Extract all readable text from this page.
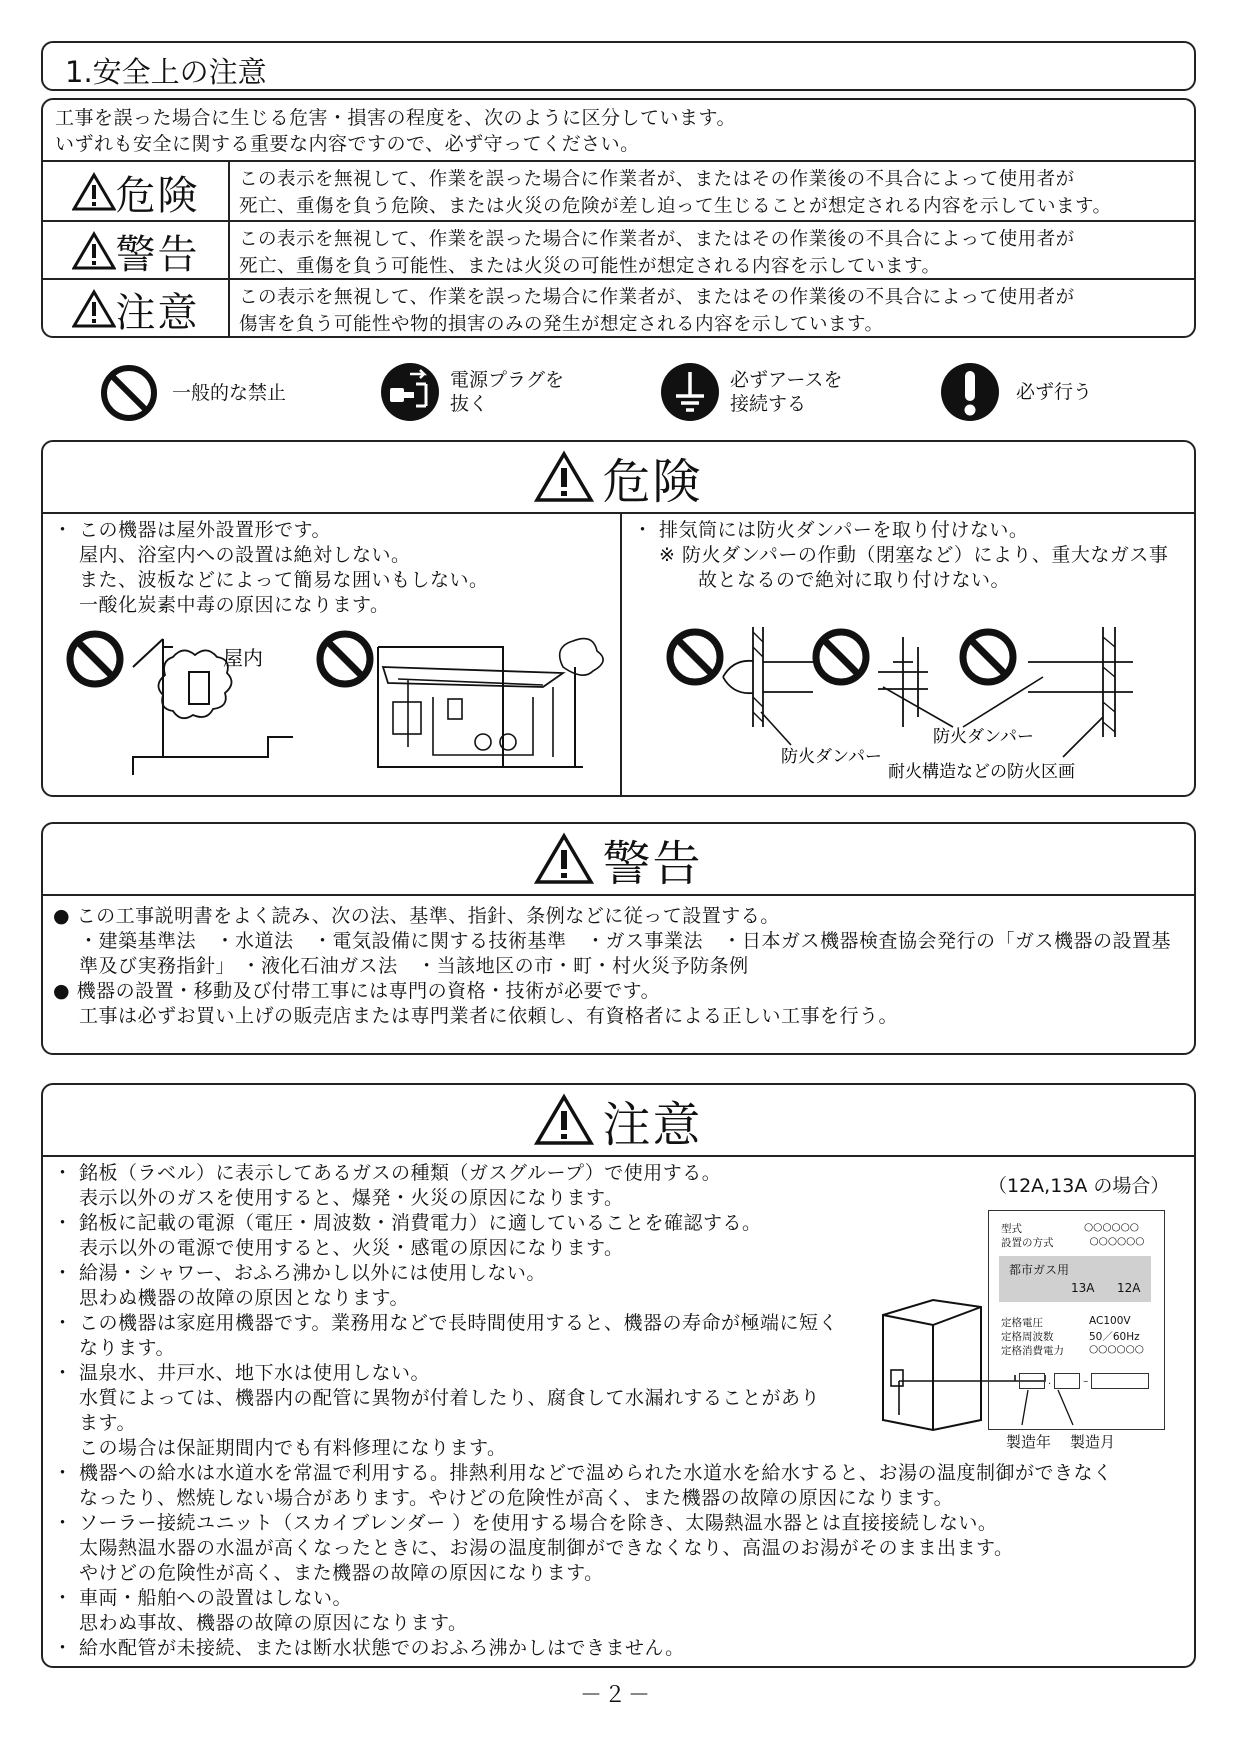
1.安全上の注意
工事を誤った場合に生じる危害・損害の程度を、次のように区分しています。
いずれも安全に関する重要な内容ですので、必ず守ってください。
危険 この表示を無視して、作業を誤った場合に作業者が、またはその作業後の不具合によって使用者が
死亡、重傷を負う危険、または火災の危険が差し迫って生じることが想定される内容を示しています。
警告 この表示を無視して、作業を誤った場合に作業者が、またはその作業後の不具合によって使用者が
死亡、重傷を負う可能性、または火災の可能性が想定される内容を示しています。
注意 この表示を無視して、作業を誤った場合に作業者が、またはその作業後の不具合によって使用者が
傷害を負う可能性や物的損害のみの発生が想定される内容を示しています。
一般的な禁止
電源プラグを
抜く
必ずアースを
接続する
必ず行う
危険
・ この機器は屋外設置形です。
　 屋内、浴室内への設置は絶対しない。
　 また、波板などによって簡易な囲いもしない。
　 一酸化炭素中毒の原因になります。
屋内
・ 排気筒には防火ダンパーを取り付けない。
　 ※ 防火ダンパーの作動（閉塞など）により、重大なガス事
　　　 故となるので絶対に取り付けない。
防火ダンパー
防火ダンパー
耐火構造などの防火区画
警告
● この工事説明書をよく読み、次の法、基準、指針、条例などに従って設置する。
　 ・建築基準法　・水道法　・電気設備に関する技術基準　・ガス事業法　・日本ガス機器検査協会発行の「ガス機器の設置基
　 準及び実務指針」 ・液化石油ガス法　・当該地区の市・町・村火災予防条例
● 機器の設置・移動及び付帯工事には専門の資格・技術が必要です。
　 工事は必ずお買い上げの販売店または専門業者に依頼し、有資格者による正しい工事を行う。
注意
・ 銘板（ラベル）に表示してあるガスの種類（ガスグループ）で使用する。
　 表示以外のガスを使用すると、爆発・火災の原因になります。
・ 銘板に記載の電源（電圧・周波数・消費電力）に適していることを確認する。
　 表示以外の電源で使用すると、火災・感電の原因になります。
・ 給湯・シャワー、おふろ沸かし以外には使用しない。
　 思わぬ機器の故障の原因となります。
・ この機器は家庭用機器です。業務用などで長時間使用すると、機器の寿命が極端に短く
　 なります。
・ 温泉水、井戸水、地下水は使用しない。
　 水質によっては、機器内の配管に異物が付着したり、腐食して水漏れすることがあり
　 ます。
　 この場合は保証期間内でも有料修理になります。
・ 機器への給水は水道水を常温で利用する。排熱利用などで温められた水道水を給水すると、お湯の温度制御ができなく
　 なったり、燃焼しない場合があります。やけどの危険性が高く、また機器の故障の原因になります。
・ ソーラー接続ユニット（スカイブレンダー ）を使用する場合を除き、太陽熱温水器とは直接接続しない。
　 太陽熱温水器の水温が高くなったときに、お湯の温度制御ができなくなり、高温のお湯がそのまま出ます。
　 やけどの危険性が高く、また機器の故障の原因になります。
・ 車両・船舶への設置はしない。
　 思わぬ事故、機器の故障の原因になります。
・ 給水配管が未接続、または断水状態でのおふろ沸かしはできません。
（12A,13A の場合）
型式	○○○○○○
設置の方式	○○○○○○
都市ガス用
13A 12A
定格電圧	AC100V
定格周波数	50／60Hz
定格消費電力 ○○○○○○
.	–
製造年 製造月
－２－
